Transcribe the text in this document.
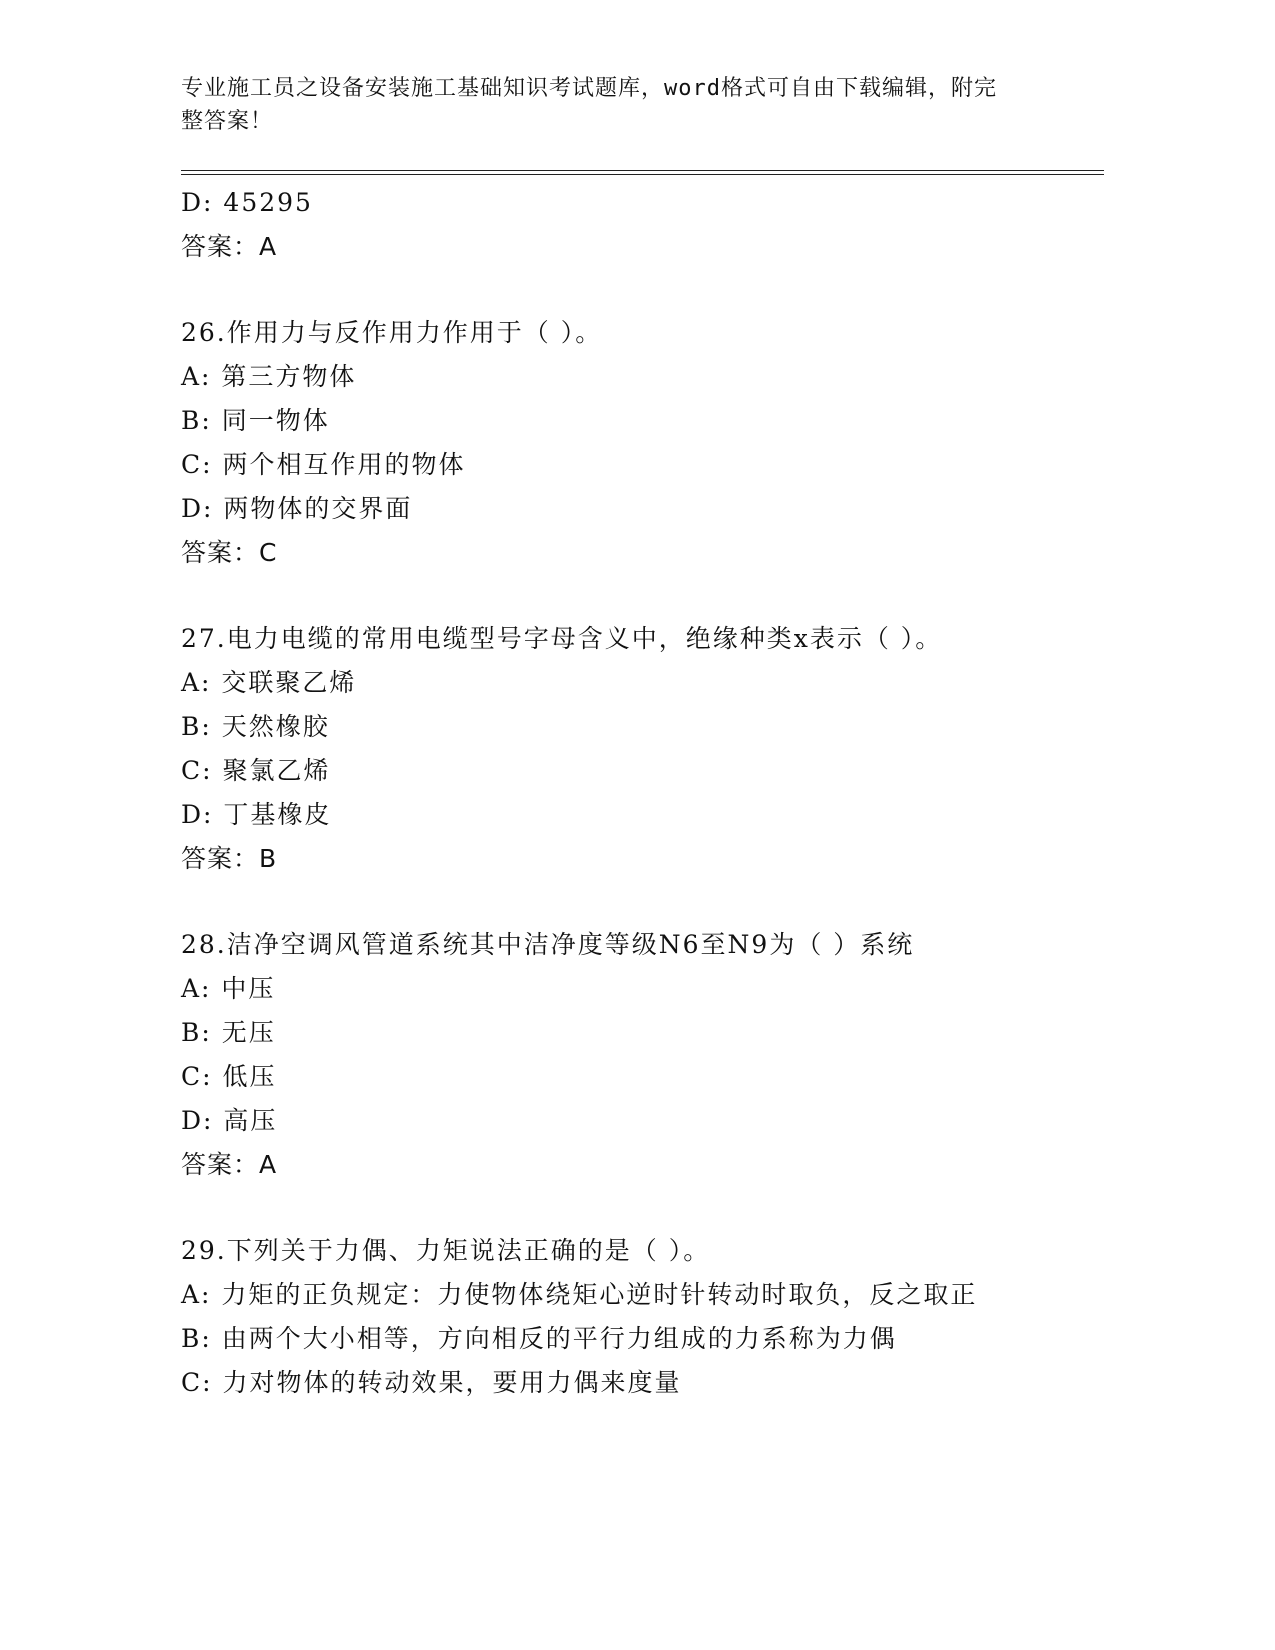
专业施工员之设备安装施工基础知识考试题库，word格式可自由下载编辑，附完
整答案！
D: 45295
答案：A
26.作用力与反作用力作用于（ ）。
A: 第三方物体
B: 同一物体
C: 两个相互作用的物体
D: 两物体的交界面
答案：C
27.电力电缆的常用电缆型号字母含义中，绝缘种类x表示（ ）。
A: 交联聚乙烯
B: 天然橡胶
C: 聚氯乙烯
D: 丁基橡皮
答案：B
28.洁净空调风管道系统其中洁净度等级N6至N9为（ ）系统
A: 中压
B: 无压
C: 低压
D: 高压
答案：A
29.下列关于力偶、力矩说法正确的是（ ）。
A: 力矩的正负规定：力使物体绕矩心逆时针转动时取负，反之取正
B: 由两个大小相等，方向相反的平行力组成的力系称为力偶
C: 力对物体的转动效果，要用力偶来度量
